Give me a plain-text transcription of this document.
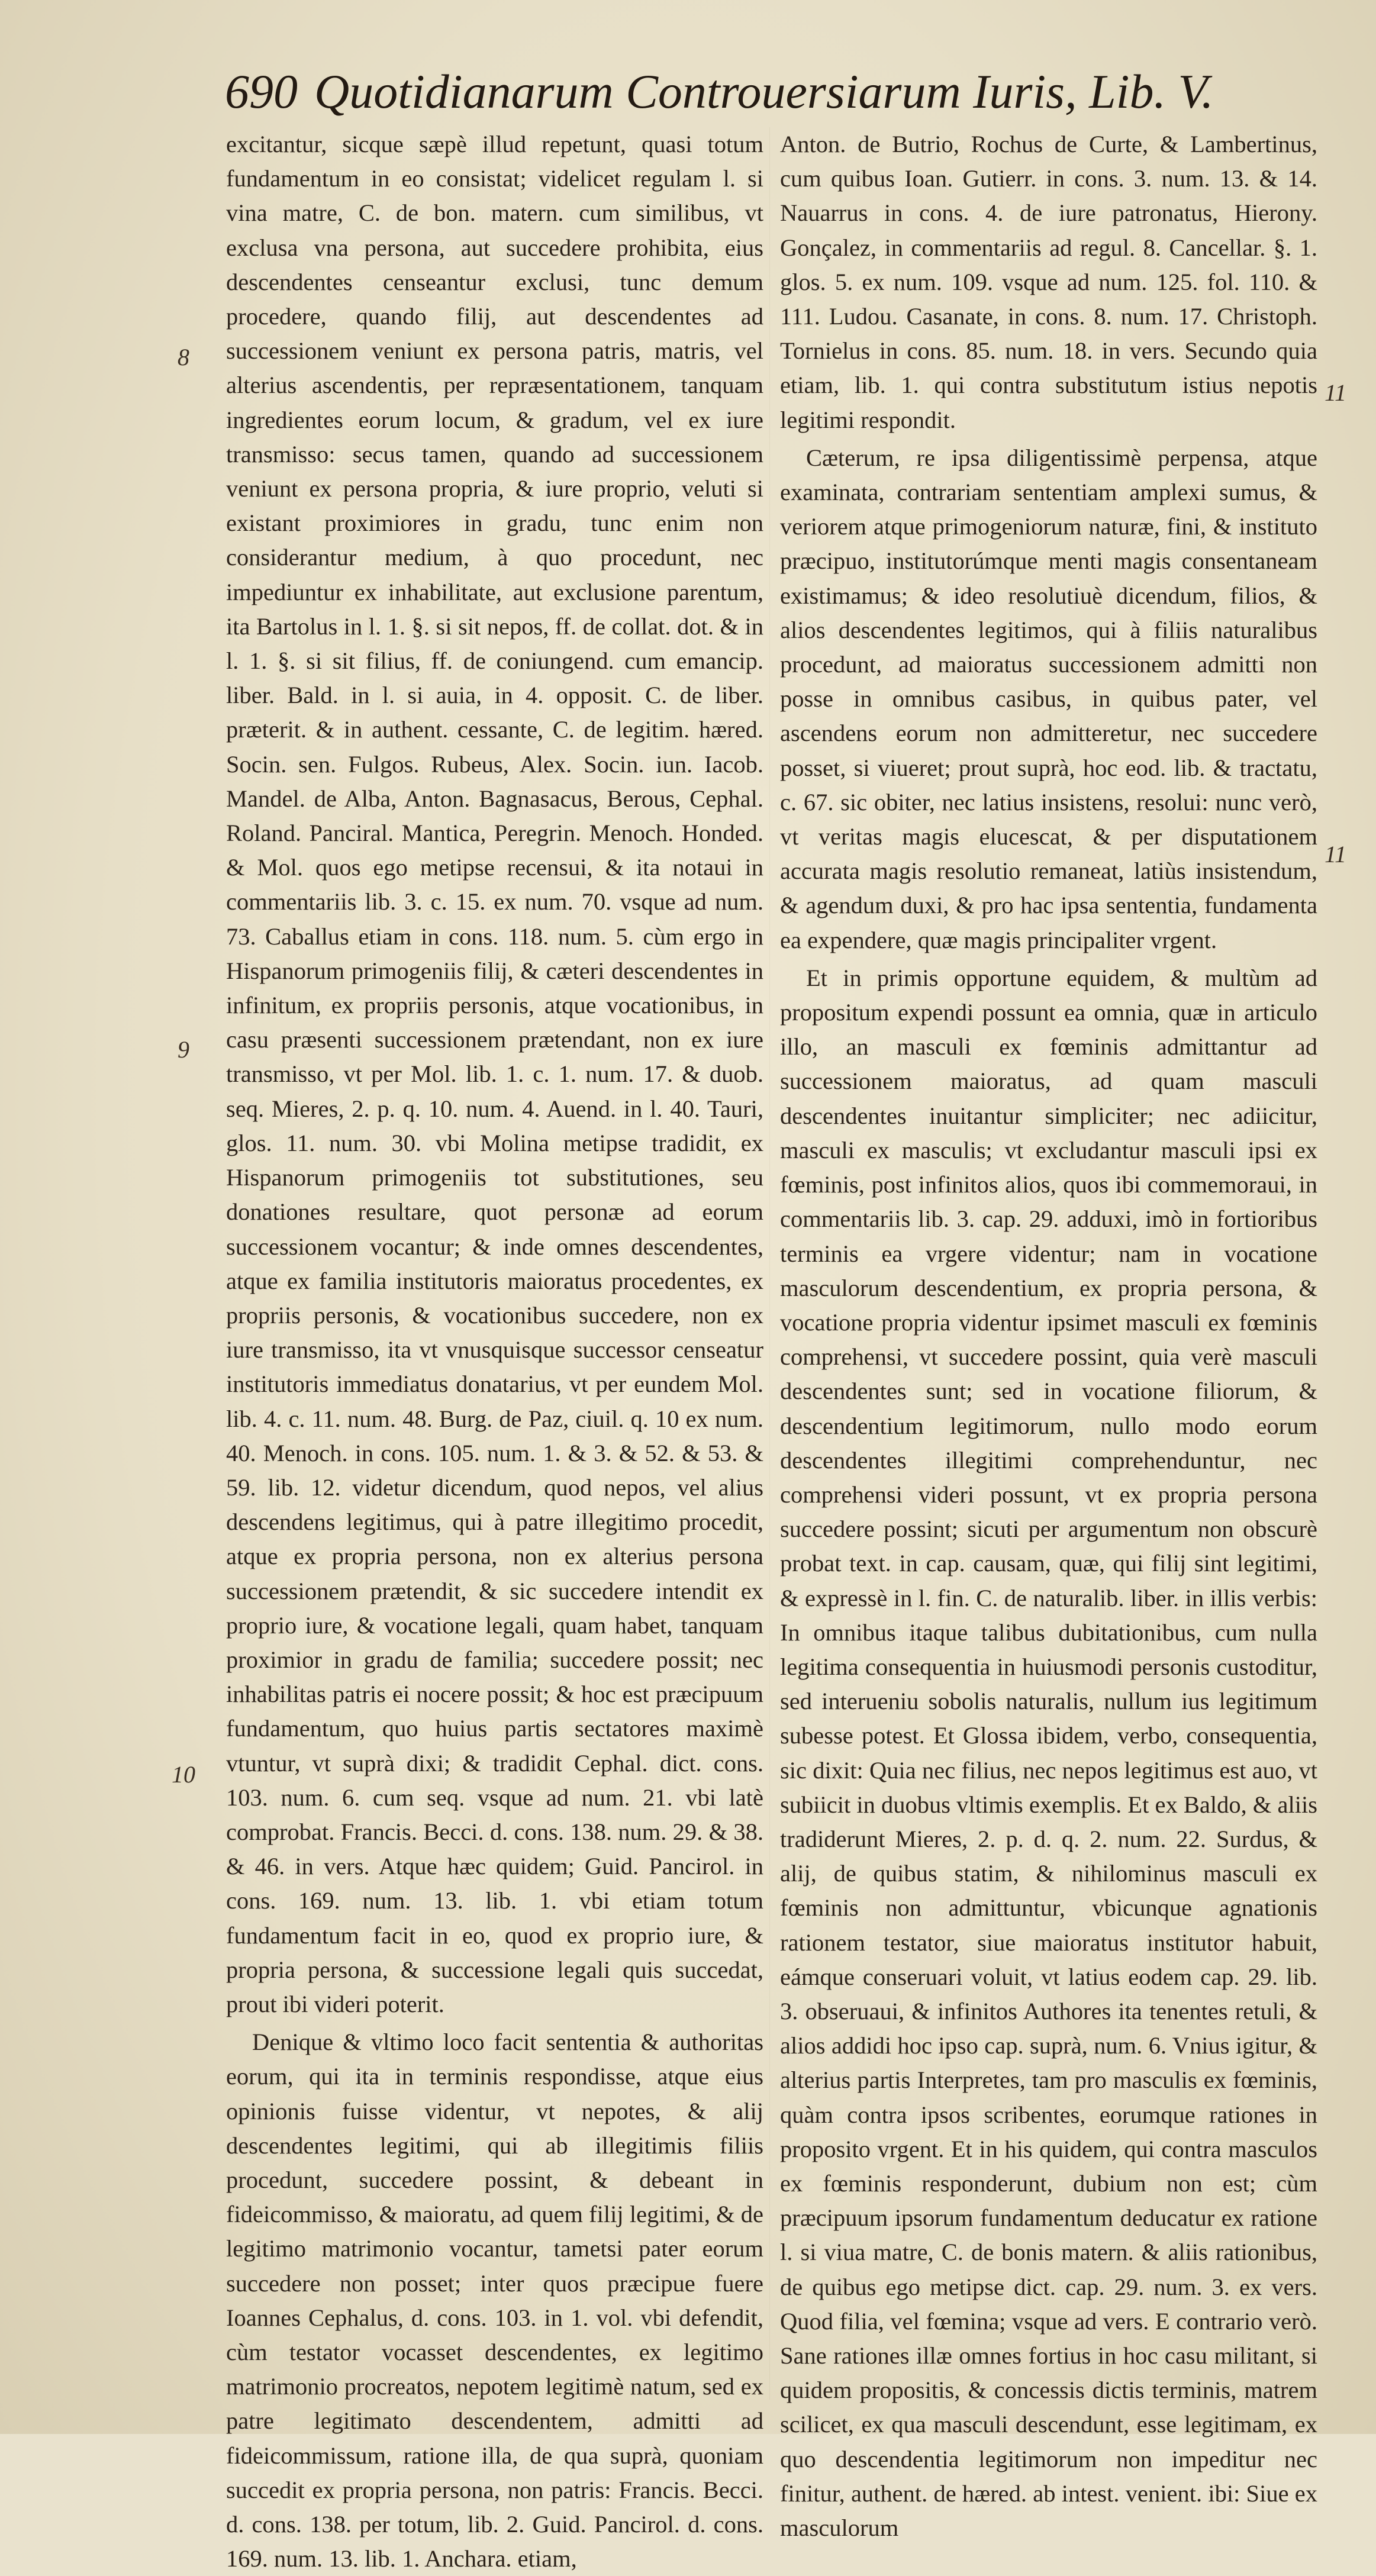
690 Quotidianarum Controuersiarum Iuris, Lib. V.

excitantur, sicque sæpè illud repetunt, quasi totum fundamentum in eo consistat; videlicet regulam l. si vina matre, C. de bon. matern. cum similibus, vt exclusa vna persona, aut succedere prohibita, eius descendentes censeantur exclusi, tunc demum procedere, quando filij, aut descendentes ad successionem veniunt ex persona patris, matris, vel alterius ascendentis, per repræsentationem, tanquam ingredientes eorum locum, & gradum, vel ex iure transmisso: secus tamen, quando ad successionem veniunt ex persona propria, & iure proprio, veluti si existant proximiores in gradu, tunc enim non considerantur medium, à quo procedunt, nec impediuntur ex inhabilitate, aut exclusione parentum, ita Bartolus in l. 1. §. si sit nepos, ff. de collat. dot. & in l. 1. §. si sit filius, ff. de coniungend. cum emancip. liber. Bald. in l. si auia, in 4. opposit. C. de liber. præterit. & in authent. cessante, C. de legitim. hæred. Socin. sen. Fulgos. Rubeus, Alex. Socin. iun. Iacob. Mandel. de Alba, Anton. Bagnasacus, Berous, Cephal. Roland. Panciral. Mantica, Peregrin. Menoch. Honded. & Mol. quos ego metipse recensui, & ita notaui in commentariis lib. 3. c. 15. ex num. 70. vsque ad num. 73. Caballus etiam in cons. 118. num. 5. cùm ergo in Hispanorum primogeniis filij, & cæteri descendentes in infinitum, ex propriis personis, atque vocationibus, in casu præsenti successionem prætendant, non ex iure transmisso, vt per Mol. lib. 1. c. 1. num. 17. & duob. seq. Mieres, 2. p. q. 10. num. 4. Auend. in l. 40. Tauri, glos. 11. num. 30. vbi Molina metipse tradidit, ex Hispanorum primogeniis tot substitutiones, seu donationes resultare, quot personæ ad eorum successionem vocantur; & inde omnes descendentes, atque ex familia institutoris maioratus procedentes, ex propriis personis, & vocationibus succedere, non ex iure transmisso, ita vt vnusquisque successor censeatur institutoris immediatus donatarius, vt per eundem Mol. lib. 4. c. 11. num. 48. Burg. de Paz, ciuil. q. 10 ex num. 40. Menoch. in cons. 105. num. 1. & 3. & 52. & 53. & 59. lib. 12. videtur dicendum, quod nepos, vel alius descendens legitimus, qui à patre illegitimo procedit, atque ex propria persona, non ex alterius persona successionem prætendit, & sic succedere intendit ex proprio iure, & vocatione legali, quam habet, tanquam proximior in gradu de familia; succedere possit; nec inhabilitas patris ei nocere possit; & hoc est præcipuum fundamentum, quo huius partis sectatores maximè vtuntur, vt suprà dixi; & tradidit Cephal. dict. cons. 103. num. 6. cum seq. vsque ad num. 21. vbi latè comprobat. Francis. Becci. d. cons. 138. num. 29. & 38. & 46. in vers. Atque hæc quidem; Guid. Pancirol. in cons. 169. num. 13. lib. 1. vbi etiam totum fundamentum facit in eo, quod ex proprio iure, & propria persona, & successione legali quis succedat, prout ibi videri poterit.

Denique & vltimo loco facit sententia & authoritas eorum, qui ita in terminis respondisse, atque eius opinionis fuisse videntur, vt nepotes, & alij descendentes legitimi, qui ab illegitimis filiis procedunt, succedere possint, & debeant in fideicommisso, & maioratu, ad quem filij legitimi, & de legitimo matrimonio vocantur, tametsi pater eorum succedere non posset; inter quos præcipue fuere Ioannes Cephalus, d. cons. 103. in 1. vol. vbi defendit, cùm testator vocasset descendentes, ex legitimo matrimonio procreatos, nepotem legitimè natum, sed ex patre legitimato descendentem, admitti ad fideicommissum, ratione illa, de qua suprà, quoniam succedit ex propria persona, non patris: Francis. Becci. d. cons. 138. per totum, lib. 2. Guid. Pancirol. d. cons. 169. num. 13. lib. 1. Anchara. etiam,

Anton. de Butrio, Rochus de Curte, & Lambertinus, cum quibus Ioan. Gutierr. in cons. 3. num. 13. & 14. Nauarrus in cons. 4. de iure patronatus, Hierony. Gonçalez, in commentariis ad regul. 8. Cancellar. §. 1. glos. 5. ex num. 109. vsque ad num. 125. fol. 110. & 111. Ludou. Casanate, in cons. 8. num. 17. Christoph. Tornielus in cons. 85. num. 18. in vers. Secundo quia etiam, lib. 1. qui contra substitutum istius nepotis legitimi respondit.

Cæterum, re ipsa diligentissimè perpensa, atque examinata, contrariam sententiam amplexi sumus, & veriorem atque primogeniorum naturæ, fini, & instituto præcipuo, institutorúmque menti magis consentaneam existimamus; & ideo resolutiuè dicendum, filios, & alios descendentes legitimos, qui à filiis naturalibus procedunt, ad maioratus successionem admitti non posse in omnibus casibus, in quibus pater, vel ascendens eorum non admitteretur, nec succedere posset, si viueret; prout suprà, hoc eod. lib. & tractatu, c. 67. sic obiter, nec latius insistens, resolui: nunc verò, vt veritas magis elucescat, & per disputationem accurata magis resolutio remaneat, latiùs insistendum, & agendum duxi, & pro hac ipsa sententia, fundamenta ea expendere, quæ magis principaliter vrgent.

Et in primis opportune equidem, & multùm ad propositum expendi possunt ea omnia, quæ in articulo illo, an masculi ex fœminis admittantur ad successionem maioratus, ad quam masculi descendentes inuitantur simpliciter; nec adiicitur, masculi ex masculis; vt excludantur masculi ipsi ex fœminis, post infinitos alios, quos ibi commemoraui, in commentariis lib. 3. cap. 29. adduxi, imò in fortioribus terminis ea vrgere videntur; nam in vocatione masculorum descendentium, ex propria persona, & vocatione propria videntur ipsimet masculi ex fœminis comprehensi, vt succedere possint, quia verè masculi descendentes sunt; sed in vocatione filiorum, & descendentium legitimorum, nullo modo eorum descendentes illegitimi comprehenduntur, nec comprehensi videri possunt, vt ex propria persona succedere possint; sicuti per argumentum non obscurè probat text. in cap. causam, quæ, qui filij sint legitimi, & expressè in l. fin. C. de naturalib. liber. in illis verbis: In omnibus itaque talibus dubitationibus, cum nulla legitima consequentia in huiusmodi personis custoditur, sed interueniu sobolis naturalis, nullum ius legitimum subesse potest. Et Glossa ibidem, verbo, consequentia, sic dixit: Quia nec filius, nec nepos legitimus est auo, vt subiicit in duobus vltimis exemplis. Et ex Baldo, & aliis tradiderunt Mieres, 2. p. d. q. 2. num. 22. Surdus, & alij, de quibus statim, & nihilominus masculi ex fœminis non admittuntur, vbicunque agnationis rationem testator, siue maioratus institutor habuit, eámque conseruari voluit, vt latius eodem cap. 29. lib. 3. obseruaui, & infinitos Authores ita tenentes retuli, & alios addidi hoc ipso cap. suprà, num. 6. Vnius igitur, & alterius partis Interpretes, tam pro masculis ex fœminis, quàm contra ipsos scribentes, eorumque rationes in proposito vrgent. Et in his quidem, qui contra masculos ex fœminis responderunt, dubium non est; cùm præcipuum ipsorum fundamentum deducatur ex ratione l. si viua matre, C. de bonis matern. & aliis rationibus, de quibus ego metipse dict. cap. 29. num. 3. ex vers. Quod filia, vel fœmina; vsque ad vers. E contrario verò. Sane rationes illæ omnes fortius in hoc casu militant, si quidem propositis, & concessis dictis terminis, matrem scilicet, ex qua masculi descendunt, esse legitimam, ex quo descendentia legitimorum non impeditur nec finitur, authent. de hæred. ab intest. venient. ibi: Siue ex masculorum

8
9
10
11
11
